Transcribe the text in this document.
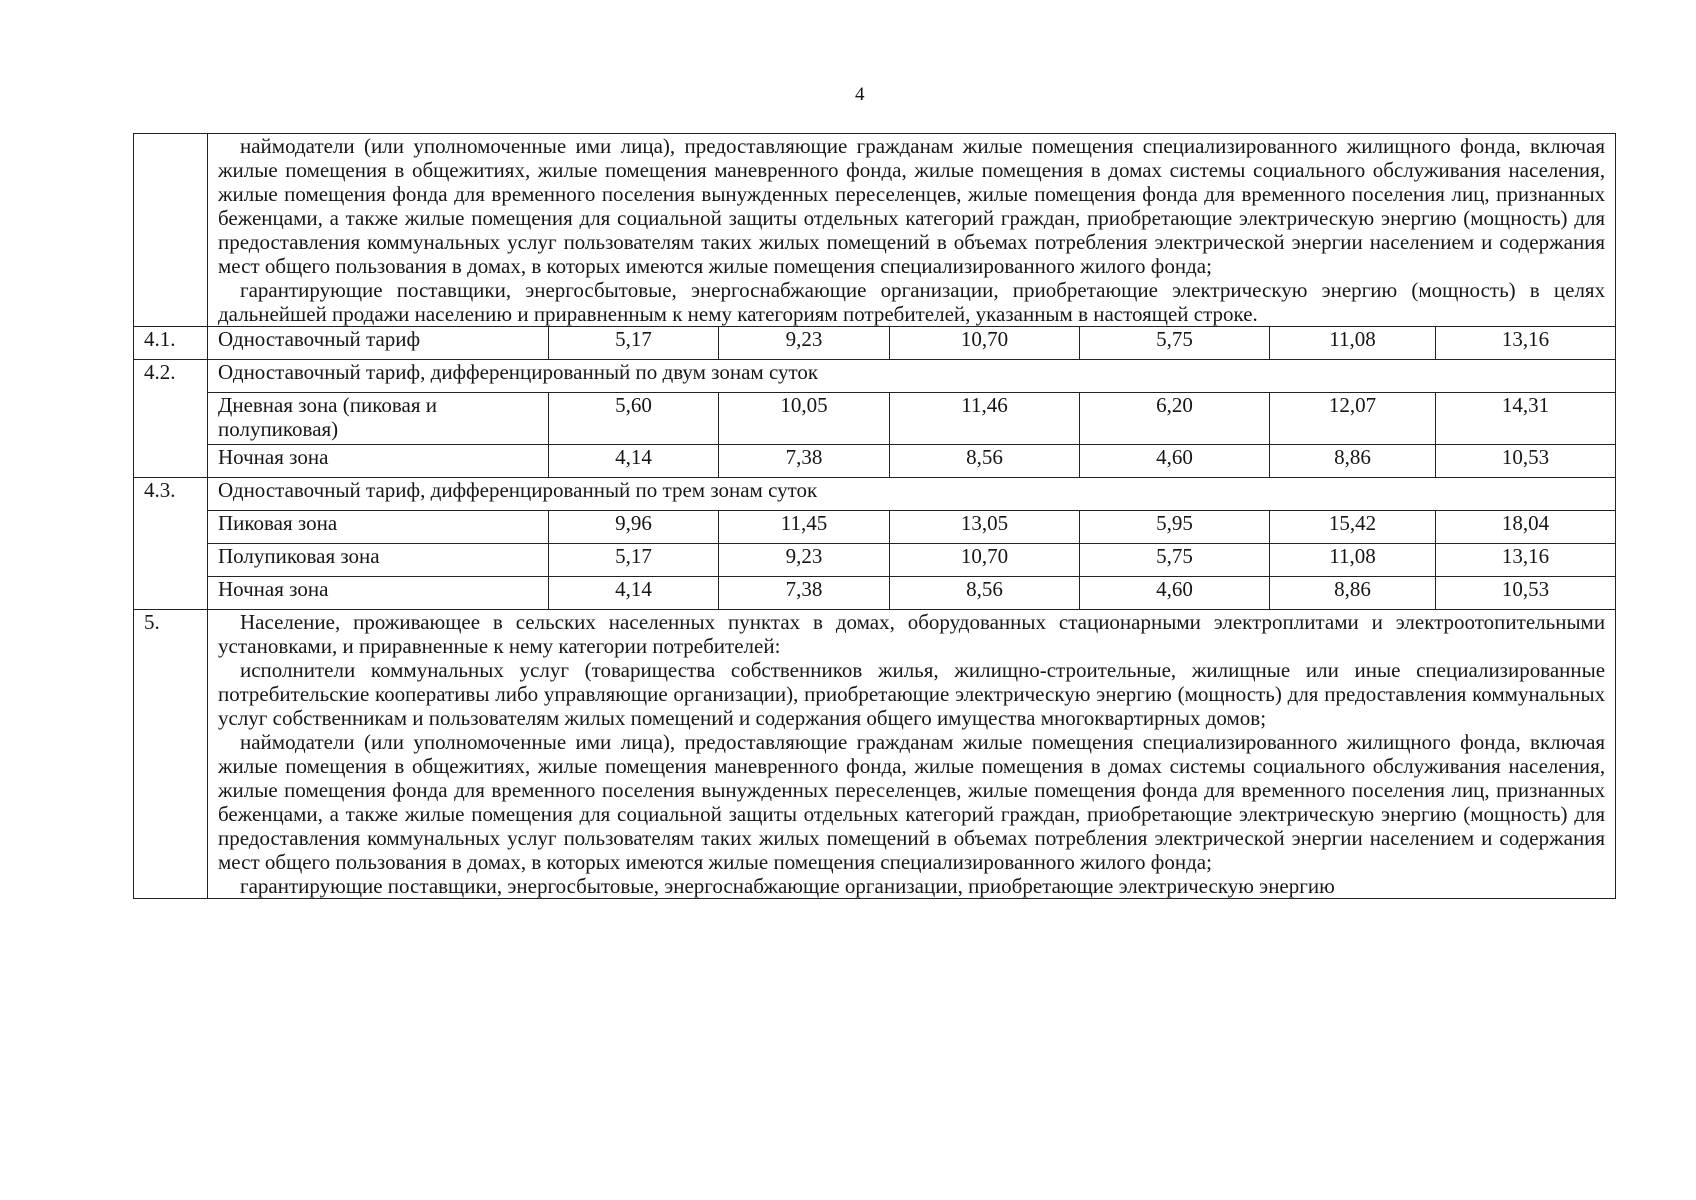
4

	наймодатели (или уполномоченные ими лица), предоставляющие гражданам жилые помещения специализированного жилищного фонда, включая жилые помещения в общежитиях, жилые помещения маневренного фонда, жилые помещения в домах системы социального обслуживания населения, жилые помещения фонда для временного поселения вынужденных переселенцев, жилые помещения фонда для временного поселения лиц, признанных беженцами, а также жилые помещения для социальной защиты отдельных категорий граждан, приобретающие электрическую энергию (мощность) для предоставления коммунальных услуг пользователям таких жилых помещений в объемах потребления электрической энергии населением и содержания мест общего пользования в домах, в которых имеются жилые помещения специализированного жилого фонда;

гарантирующие поставщики, энергосбытовые, энергоснабжающие организации, приобретающие электрическую энергию (мощность) в целях дальнейшей продажи населению и приравненным к нему категориям потребителей, указанным в настоящей строке.						

4.1.	Одноставочный тариф	5,17	9,23	10,70	5,75	11,08	13,16
4.2.	Одноставочный тариф, дифференцированный по двум зонам суток						
	Дневная зона (пиковая и полупиковая)	5,60	10,05	11,46	6,20	12,07	14,31
	Ночная зона	4,14	7,38	8,56	4,60	8,86	10,53
4.3.	Одноставочный тариф, дифференцированный по трем зонам суток						
	Пиковая зона	9,96	11,45	13,05	5,95	15,42	18,04
	Полупиковая зона	5,17	9,23	10,70	5,75	11,08	13,16
	Ночная зона	4,14	7,38	8,56	4,60	8,86	10,53
5.	Население, проживающее в сельских населенных пунктах в домах, оборудованных стационарными электроплитами и электроотопительными установками, и приравненные к нему категории потребителей:

исполнители коммунальных услуг (товарищества собственников жилья, жилищно-строительные, жилищные или иные специализированные потребительские кооперативы либо управляющие организации), приобретающие электрическую энергию (мощность) для предоставления коммунальных услуг собственникам и пользователям жилых помещений и содержания общего имущества многоквартирных домов;

наймодатели (или уполномоченные ими лица), предоставляющие гражданам жилые помещения специализированного жилищного фонда, включая жилые помещения в общежитиях, жилые помещения маневренного фонда, жилые помещения в домах системы социального обслуживания населения, жилые помещения фонда для временного поселения вынужденных переселенцев, жилые помещения фонда для временного поселения лиц, признанных беженцами, а также жилые помещения для социальной защиты отдельных категорий граждан, приобретающие электрическую энергию (мощность) для предоставления коммунальных услуг пользователям таких жилых помещений в объемах потребления электрической энергии населением и содержания мест общего пользования в домах, в которых имеются жилые помещения специализированного жилого фонда;

гарантирующие поставщики, энергосбытовые, энергоснабжающие организации, приобретающие электрическую энергию						
